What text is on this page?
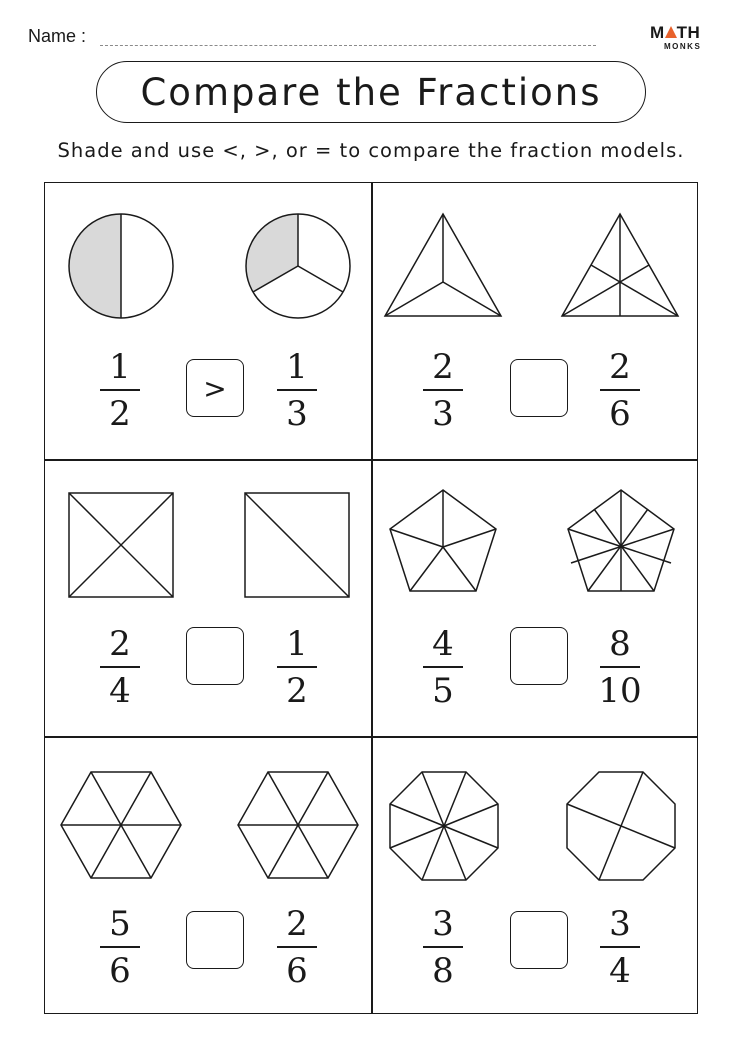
Name :	M TH
MONKS
Compare the Fractions
Shade and use <, >, or = to compare the fraction models.
1
2
>
1
3
2
3
2
6
2
4
1
2
4
5
8
10
5
6
2
6
3
8
3
4
